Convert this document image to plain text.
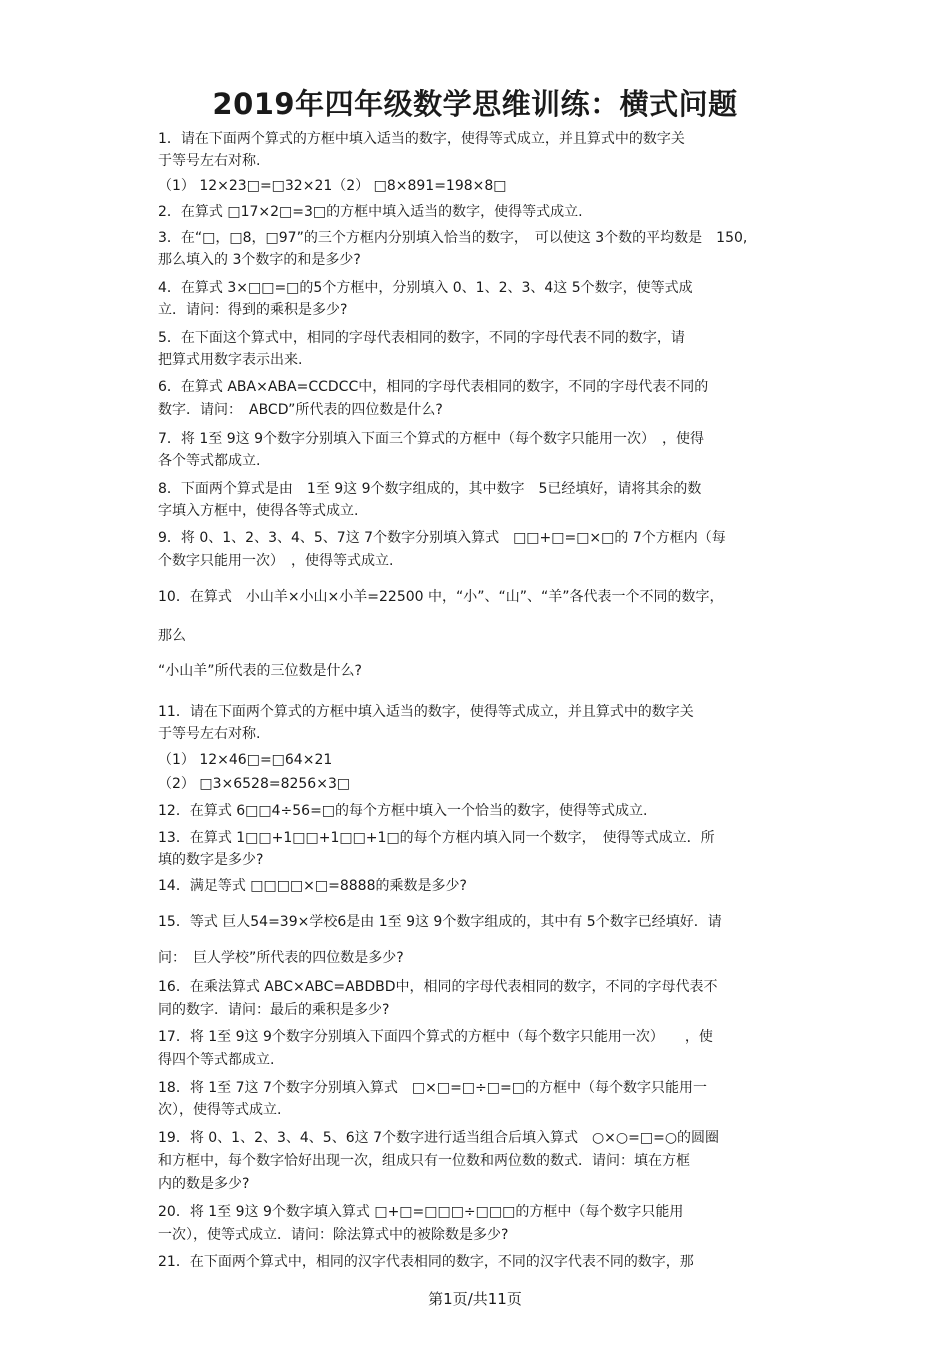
2019年四年级数学思维训练：横式问题
1．请在下面两个算式的方框中填入适当的数字，使得等式成立，并且算式中的数字关
于等号左右对称.
（1） 12×23□=□32×21（2） □8×891=198×8□
2．在算式 □17×2□=3□的方框中填入适当的数字，使得等式成立.
3．在“□，□8，□97”的三个方框内分别填入恰当的数字，　可以使这 3个数的平均数是　150,
那么填入的 3个数字的和是多少?
4．在算式 3×□□=□的5个方框中，分别填入 0、1、2、3、4这 5个数字，使等式成
立．请问：得到的乘积是多少?
5．在下面这个算式中，相同的字母代表相同的数字，不同的字母代表不同的数字，请
把算式用数字表示出来.
6．在算式 ABA×ABA=CCDCC中，相同的字母代表相同的数字，不同的字母代表不同的
数字．请问：　ABCD”所代表的四位数是什么?
7．将 1至 9这 9个数字分别填入下面三个算式的方框中（每个数字只能用一次）　，使得
各个等式都成立.
8．下面两个算式是由　1至 9这 9个数字组成的，其中数字　5已经填好，请将其余的数
字填入方框中，使得各等式成立.
9．将 0、1、2、3、4、5、7这 7个数字分别填入算式　□□+□=□×□的 7个方框内（每
个数字只能用一次）　，使得等式成立.
10．在算式　小山羊×小山×小羊=22500 中，“小”、“山”、“羊”各代表一个不同的数字，
那么
“小山羊”所代表的三位数是什么?
11．请在下面两个算式的方框中填入适当的数字，使得等式成立，并且算式中的数字关
于等号左右对称.
（1） 12×46□=□64×21
（2） □3×6528=8256×3□
12．在算式 6□□4÷56=□的每个方框中填入一个恰当的数字，使得等式成立.
13．在算式 1□□+1□□+1□□+1□的每个方框内填入同一个数字，　使得等式成立．所
填的数字是多少?
14．满足等式 □□□□×□=8888的乘数是多少?
15．等式 巨人54=39×学校6是由 1至 9这 9个数字组成的，其中有 5个数字已经填好．请
问：　巨人学校”所代表的四位数是多少?
16．在乘法算式 ABC×ABC=ABDBD中，相同的字母代表相同的数字，不同的字母代表不
同的数字．请问：最后的乘积是多少?
17．将 1至 9这 9个数字分别填入下面四个算式的方框中（每个数字只能用一次）　　，使
得四个等式都成立.
18．将 1至 7这 7个数字分别填入算式　□×□=□÷□=□的方框中（每个数字只能用一
次），使得等式成立.
19．将 0、1、2、3、4、5、6这 7个数字进行适当组合后填入算式　○×○=□=○的圆圈
和方框中，每个数字恰好出现一次，组成只有一位数和两位数的数式．请问：填在方框
内的数是多少?
20．将 1至 9这 9个数字填入算式 □+□=□□□÷□□□的方框中（每个数字只能用
一次），使等式成立．请问：除法算式中的被除数是多少?
21．在下面两个算式中，相同的汉字代表相同的数字，不同的汉字代表不同的数字，那
第1页/共11页
